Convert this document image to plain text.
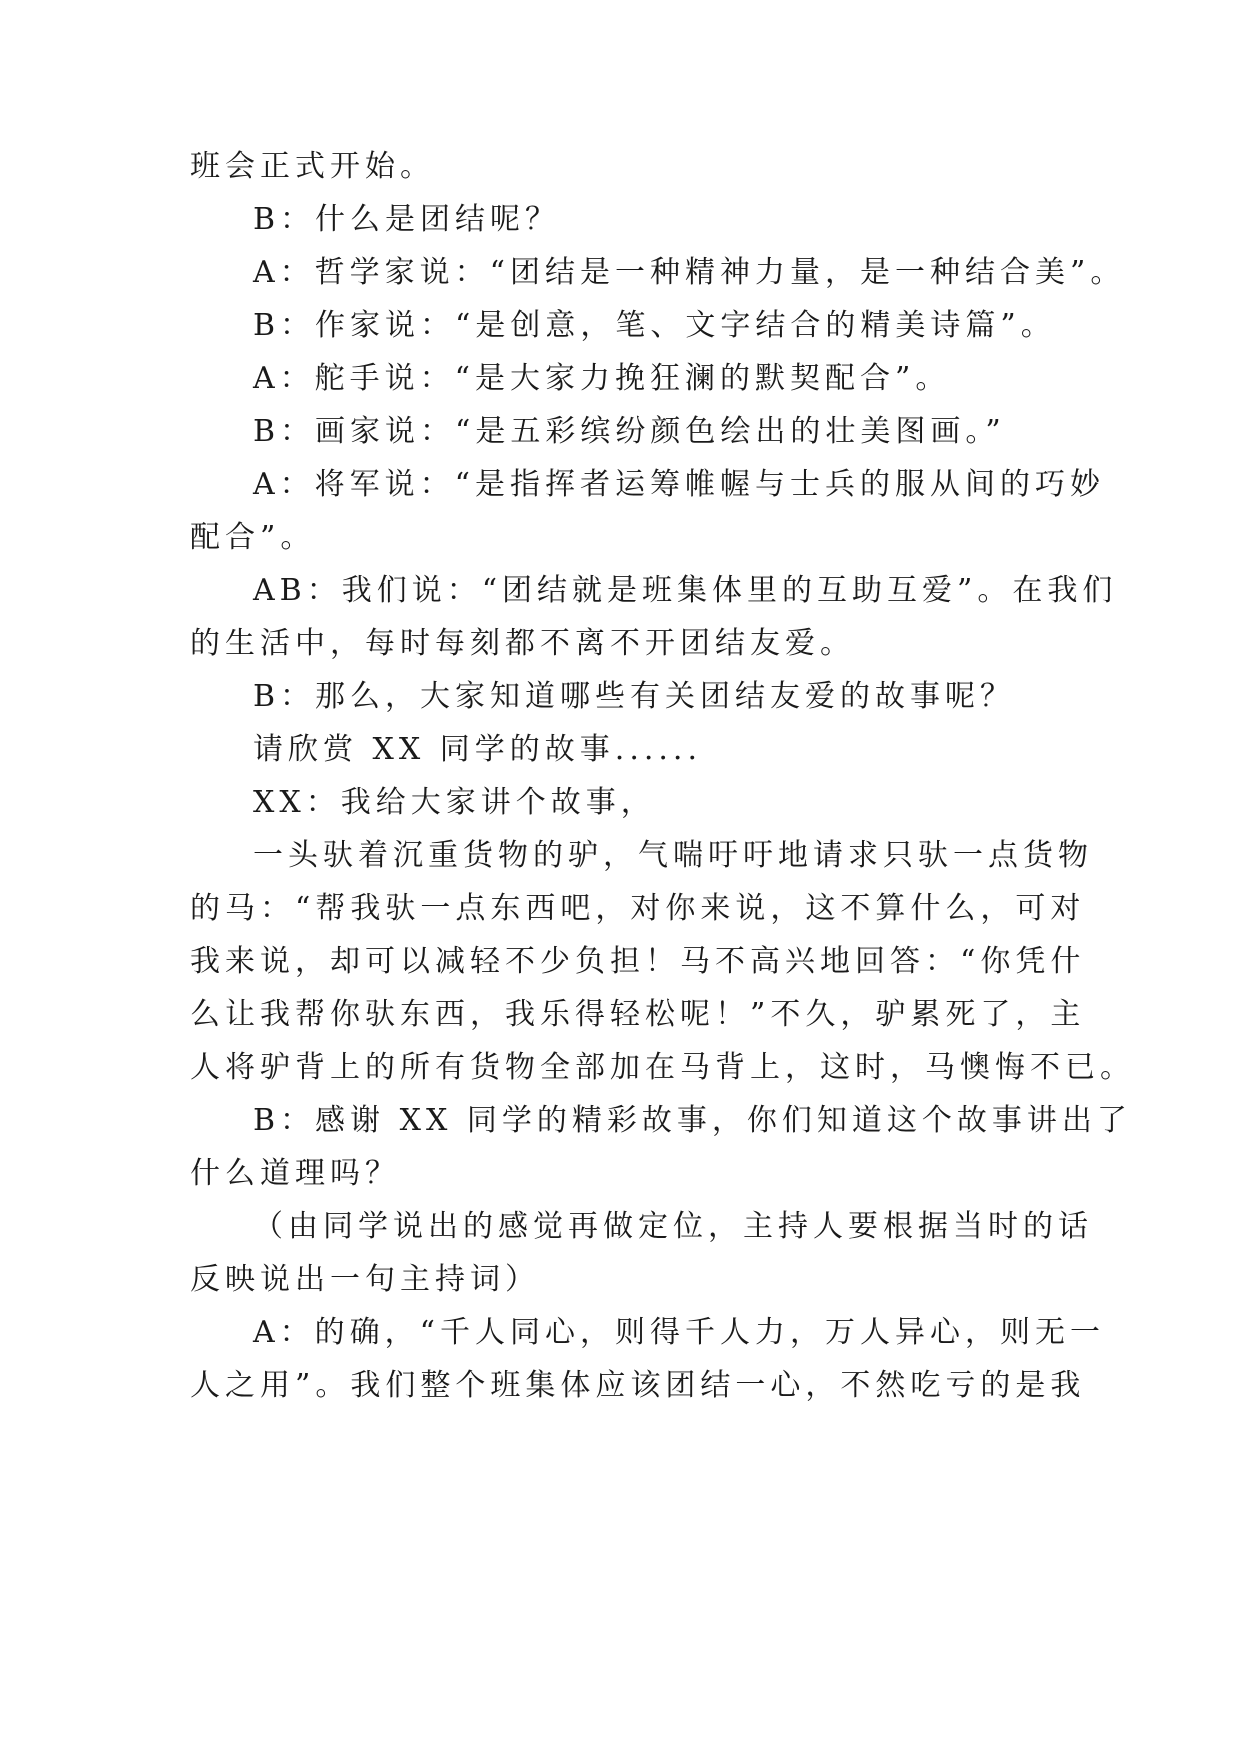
班会正式开始。
B：什么是团结呢？
A：哲学家说：“团结是一种精神力量，是一种结合美”。
B：作家说：“是创意，笔、文字结合的精美诗篇”。
A：舵手说：“是大家力挽狂澜的默契配合”。
B：画家说：“是五彩缤纷颜色绘出的壮美图画。”
A：将军说：“是指挥者运筹帷幄与士兵的服从间的巧妙
配合”。
AB：我们说：“团结就是班集体里的互助互爱”。在我们
的生活中，每时每刻都不离不开团结友爱。
B：那么，大家知道哪些有关团结友爱的故事呢？
请欣赏 XX 同学的故事......
XX：我给大家讲个故事，
一头驮着沉重货物的驴，气喘吁吁地请求只驮一点货物
的马：“帮我驮一点东西吧，对你来说，这不算什么，可对
我来说，却可以减轻不少负担！马不高兴地回答：“你凭什
么让我帮你驮东西，我乐得轻松呢！”不久，驴累死了，主
人将驴背上的所有货物全部加在马背上，这时，马懊悔不已。
B：感谢 XX 同学的精彩故事，你们知道这个故事讲出了
什么道理吗？
（由同学说出的感觉再做定位，主持人要根据当时的话
反映说出一句主持词）
A：的确，“千人同心，则得千人力，万人异心，则无一
人之用”。我们整个班集体应该团结一心，不然吃亏的是我
